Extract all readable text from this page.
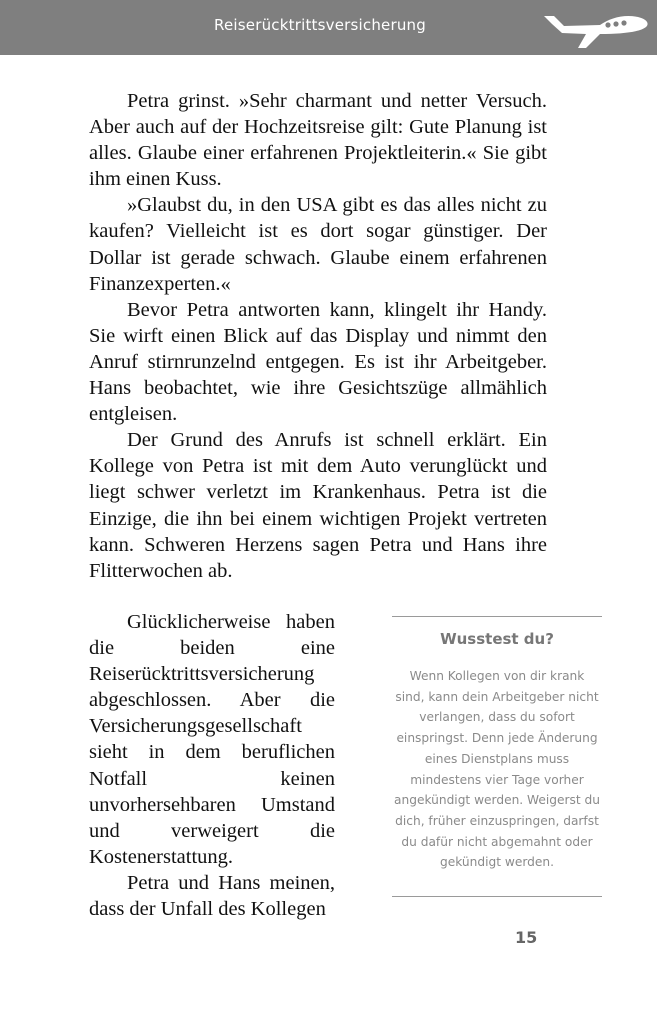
Reiserücktrittsversicherung

Petra grinst. »Sehr charmant und netter Versuch. Aber auch auf der Hochzeitsreise gilt: Gute Planung ist alles. Glaube einer erfahrenen Projektleiterin.« Sie gibt ihm einen Kuss.

»Glaubst du, in den USA gibt es das alles nicht zu kaufen? Vielleicht ist es dort sogar günstiger. Der Dollar ist gerade schwach. Glaube einem erfahrenen Finanzexperten.«

Bevor Petra antworten kann, klingelt ihr Handy. Sie wirft einen Blick auf das Display und nimmt den Anruf stirnrunzelnd entgegen. Es ist ihr Arbeitgeber. Hans beobachtet, wie ihre Gesichtszüge allmählich entgleisen.

Der Grund des Anrufs ist schnell erklärt. Ein Kollege von Petra ist mit dem Auto verunglückt und liegt schwer verletzt im Krankenhaus. Petra ist die Einzige, die ihn bei einem wichtigen Projekt vertreten kann. Schweren Herzens sagen Petra und Hans ihre Flitterwochen ab.

Glücklicherweise haben die beiden eine Reiserücktrittsversicherung abgeschlossen. Aber die Versicherungsgesellschaft sieht in dem beruflichen Notfall keinen unvorhersehbaren Umstand und verweigert die Kostenerstattung.

Petra und Hans meinen, dass der Unfall des Kollegen

Wusstest du?
Wenn Kollegen von dir krank sind, kann dein Arbeitgeber nicht verlangen, dass du sofort einspringst. Denn jede Änderung eines Dienstplans muss mindestens vier Tage vorher angekündigt werden. Weigerst du dich, früher einzuspringen, darfst du dafür nicht abgemahnt oder gekündigt werden.
15
